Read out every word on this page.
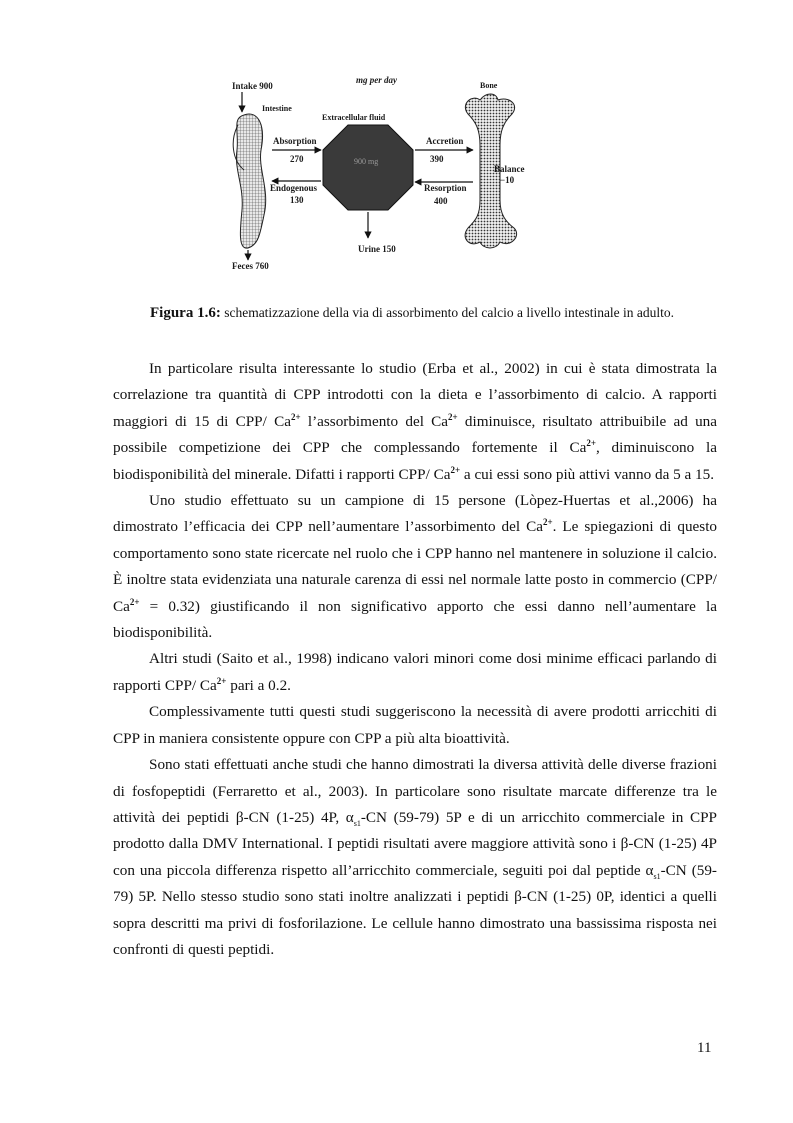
mg per day
Intake 900
Intestine
Feces 760
Extracellular fluid
900 mg
Absorption
270
Endogenous
130
Urine 150
Accretion
390
Resorption
400
Bone
Balance
−10
Figura 1.6: schematizzazione della via di assorbimento del calcio a livello intestinale in adulto.

In particolare risulta interessante lo studio (Erba et al., 2002) in cui è stata dimostrata la correlazione tra quantità di CPP introdotti con la dieta e l’assorbimento di calcio. A rapporti maggiori di 15 di CPP/ $Ca^{2+}$ l’assorbimento del $Ca^{2+}$ diminuisce, risultato attribuibile ad una possibile competizione dei CPP che complessando fortemente il $Ca^{2+}$, diminuiscono la biodisponibilità del minerale. Difatti i rapporti CPP/ $Ca^{2+}$ a cui essi sono più attivi vanno da 5 a 15.

Uno studio effettuato su un campione di 15 persone (Lòpez-Huertas et al.,2006) ha dimostrato l’efficacia dei CPP nell’aumentare l’assorbimento del $Ca^{2+}$. Le spiegazioni di questo comportamento sono state ricercate nel ruolo che i CPP hanno nel mantenere in soluzione il calcio. È inoltre stata evidenziata una naturale carenza di essi nel normale latte posto in commercio (CPP/ $Ca^{2+} = 0.32$) giustificando il non significativo apporto che essi danno nell’aumentare la biodisponibilità.

Altri studi (Saito et al., 1998) indicano valori minori come dosi minime efficaci parlando di rapporti CPP/ $Ca^{2+}$ pari a 0.2.

Complessivamente tutti questi studi suggeriscono la necessità di avere prodotti arricchiti di CPP in maniera consistente oppure con CPP a più alta bioattività.

Sono stati effettuati anche studi che hanno dimostrati la diversa attività delle diverse frazioni di fosfopeptidi (Ferraretto et al., 2003). In particolare sono risultate marcate differenze tra le attività dei peptidi β-CN (1-25) 4P, $\alpha_{s1}-CN$ (59-79) 5P e di un arricchito commerciale in CPP prodotto dalla DMV International. I peptidi risultati avere maggiore attività sono i β-CN (1-25) 4P con una piccola differenza rispetto all’arricchito commerciale, seguiti poi dal peptide $\alpha_{s1}-CN$ (59-79) 5P. Nello stesso studio sono stati inoltre analizzati i peptidi β-CN (1-25) 0P, identici a quelli sopra descritti ma privi di fosforilazione. Le cellule hanno dimostrato una bassissima risposta nei confronti di questi peptidi.

11
